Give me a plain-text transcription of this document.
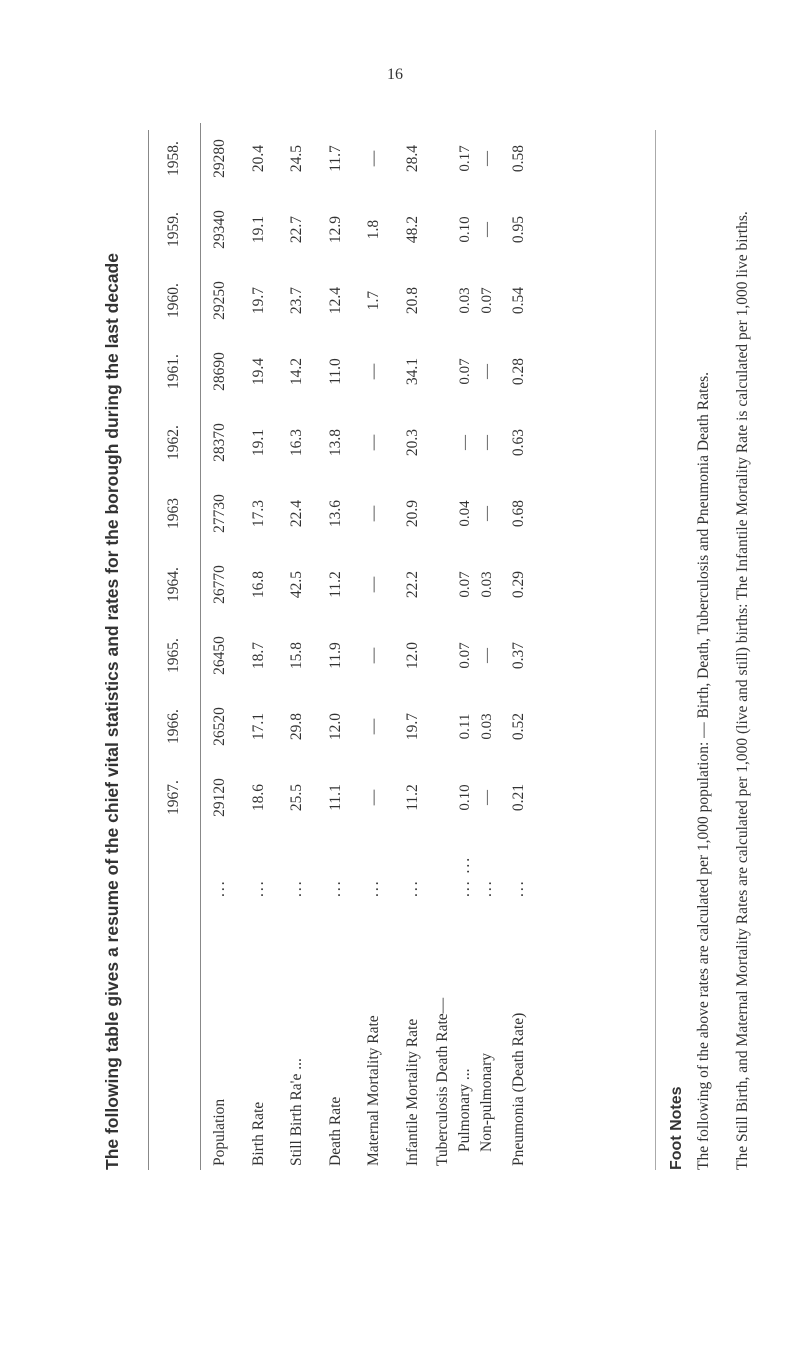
16
The following table gives a resume of the chief vital statistics and rates for the borough during the last decade
			1967.	1966.	1965.	1964.	1963	1962.	1961.	1960.	1959.	1958.
Population	...	29120	26520	26450	26770	27730	28370	28690	29250	29340	29280
Birth Rate	...	18.6	17.1	18.7	16.8	17.3	19.1	19.4	19.7	19.1	20.4
Still Birth Ra'e ...	...	25.5	29.8	15.8	42.5	22.4	16.3	14.2	23.7	22.7	24.5
Death Rate	...	11.1	12.0	11.9	11.2	13.6	13.8	11.0	12.4	12.9	11.7
Maternal Mortality Rate	...	—	—	—	—	—	—	—	1.7	1.8	—
Infantile Mortality Rate	...	11.2	19.7	12.0	22.2	20.9	20.3	34.1	20.8	48.2	28.4
Tuberculosis Death Rate—											
Pulmonary ...	... ...	0.10	0.11	0.07	0.07	0.04	—	0.07	0.03	0.10	0.17
Non-pulmonary	...	—	0.03	—	0.03	—	—	—	0.07	—	—
Pneumonia (Death Rate)	...	0.21	0.52	0.37	0.29	0.68	0.63	0.28	0.54	0.95	0.58
Foot Notes The following of the above rates are calculated per 1,000 population: — Birth, Death, Tuberculosis and Pneumonia Death Rates.	The Still Birth, and Maternal Mortality Rates are calculated per 1,000 (live and still) births: The Infantile Mortality Rate is calculated per 1,000 live births.
